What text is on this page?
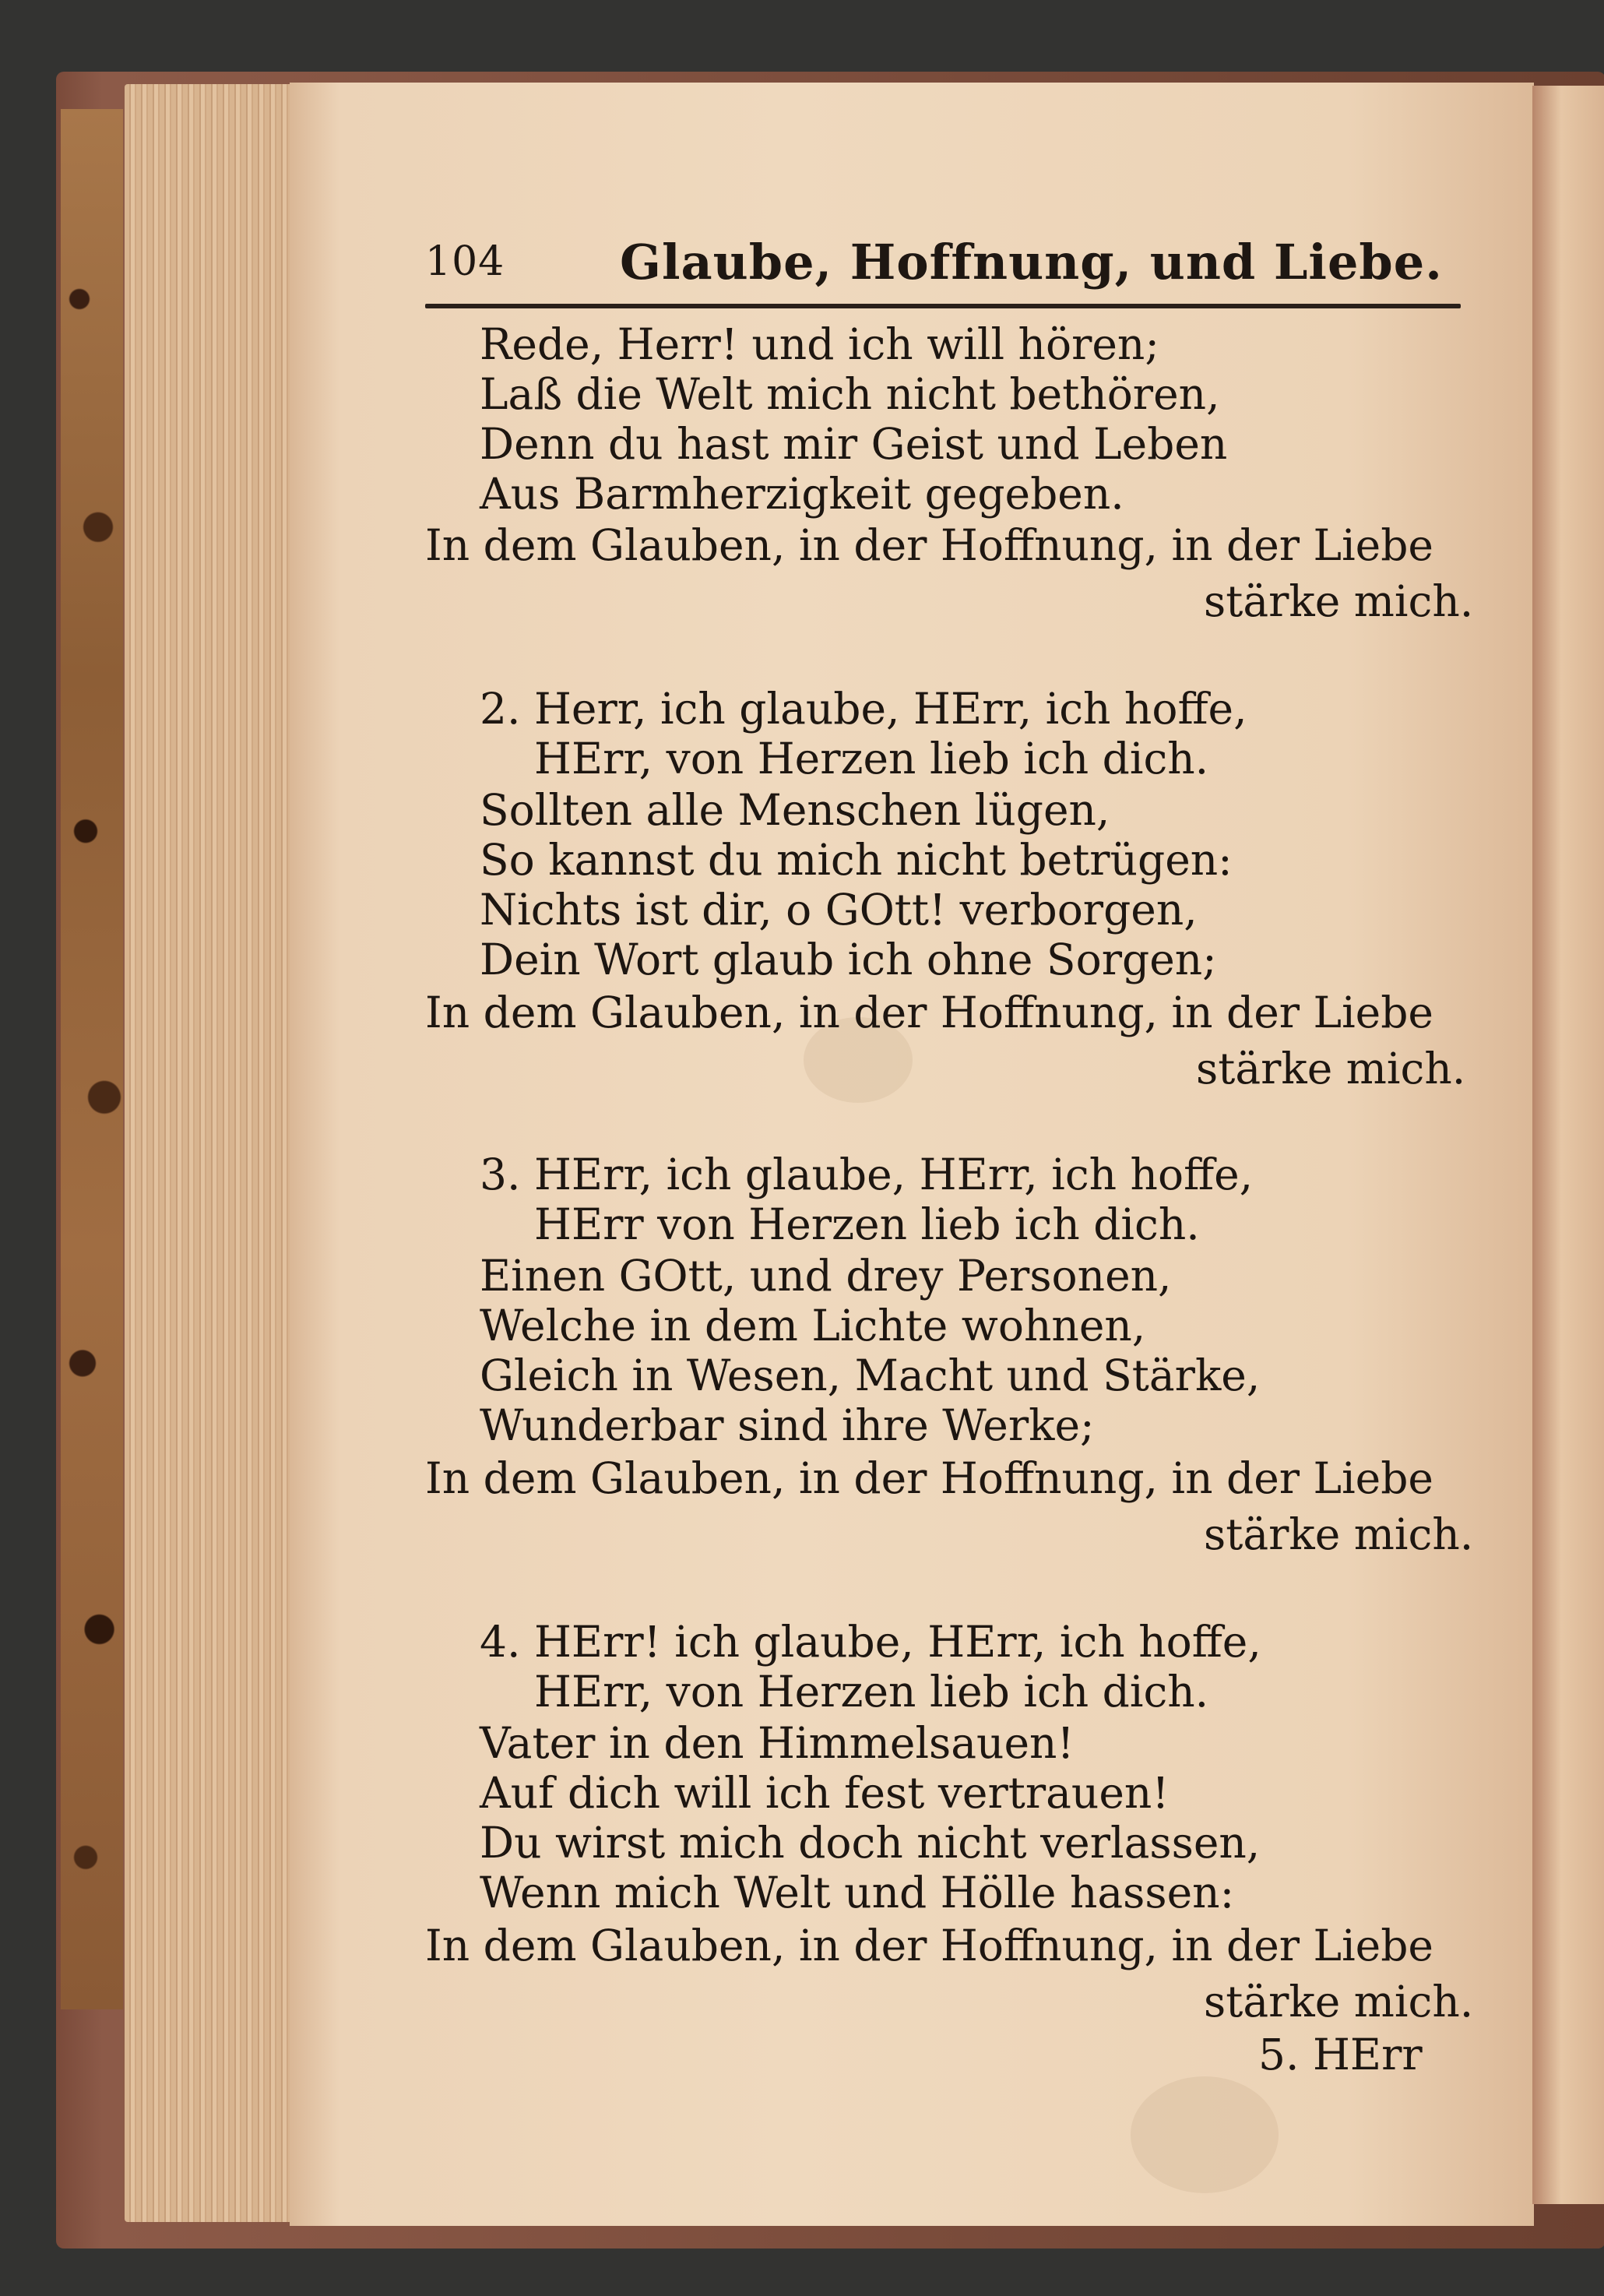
104 Glaube, Hoffnung, und Liebe.
Rede, Herr! und ich will hören;
Laß die Welt mich nicht bethören,
Denn du hast mir Geist und Leben
Aus Barmherzigkeit gegeben.
In dem Glauben, in der Hoffnung, in der Liebe
stärke mich.
2. Herr, ich glaube, HErr, ich hoffe,
HErr, von Herzen lieb ich dich.
Sollten alle Menschen lügen,
So kannst du mich nicht betrügen:
Nichts ist dir, o GOtt! verborgen,
Dein Wort glaub ich ohne Sorgen;
In dem Glauben, in der Hoffnung, in der Liebe
stärke mich.
3. HErr, ich glaube, HErr, ich hoffe,
HErr von Herzen lieb ich dich.
Einen GOtt, und drey Personen,
Welche in dem Lichte wohnen,
Gleich in Wesen, Macht und Stärke,
Wunderbar sind ihre Werke;
In dem Glauben, in der Hoffnung, in der Liebe
stärke mich.
4. HErr! ich glaube, HErr, ich hoffe,
HErr, von Herzen lieb ich dich.
Vater in den Himmelsauen!
Auf dich will ich fest vertrauen!
Du wirst mich doch nicht verlassen,
Wenn mich Welt und Hölle hassen:
In dem Glauben, in der Hoffnung, in der Liebe
stärke mich.
5. HErr
